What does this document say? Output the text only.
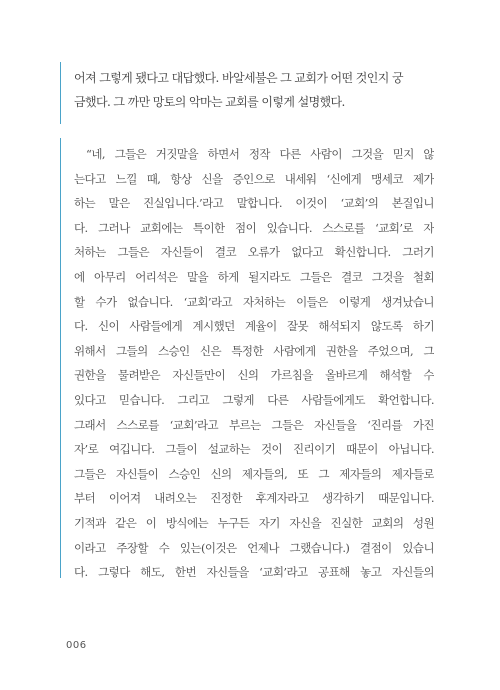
어져 그렇게 됐다고 대답했다. 바알세불은 그 교회가 어떤 것인지 궁

금했다. 그 까만 망토의 악마는 교회를 이렇게 설명했다.

“네, 그들은 거짓말을 하면서 정작 다른 사람이 그것을 믿지 않
는다고 느낄 때, 항상 신을 증인으로 내세워 ‘신에게 맹세코 제가
하는 말은 진실입니다.’라고 말합니다. 이것이 ‘교회’의 본질입니
다. 그러나 교회에는 특이한 점이 있습니다. 스스로를 ‘교회’로 자
처하는 그들은 자신들이 결코 오류가 없다고 확신합니다. 그러기
에 아무리 어리석은 말을 하게 될지라도 그들은 결코 그것을 철회
할 수가 없습니다. ‘교회’라고 자처하는 이들은 이렇게 생겨났습니
다. 신이 사람들에게 계시했던 계율이 잘못 해석되지 않도록 하기
위해서 그들의 스승인 신은 특정한 사람에게 권한을 주었으며, 그
권한을 물려받은 자신들만이 신의 가르침을 올바르게 해석할 수
있다고 믿습니다. 그리고 그렇게 다른 사람들에게도 확언합니다.
그래서 스스로를 ‘교회’라고 부르는 그들은 자신들을 ‘진리를 가진
자’로 여깁니다. 그들이 설교하는 것이 진리이기 때문이 아닙니다.
그들은 자신들이 스승인 신의 제자들의, 또 그 제자들의 제자들로
부터 이어져 내려오는 진정한 후계자라고 생각하기 때문입니다.
기적과 같은 이 방식에는 누구든 자기 자신을 진실한 교회의 성원
이라고 주장할 수 있는(이것은 언제나 그랬습니다.) 결점이 있습니
다. 그렇다 해도, 한번 자신들을 ‘교회’라고 공표해 놓고 자신들의
006
